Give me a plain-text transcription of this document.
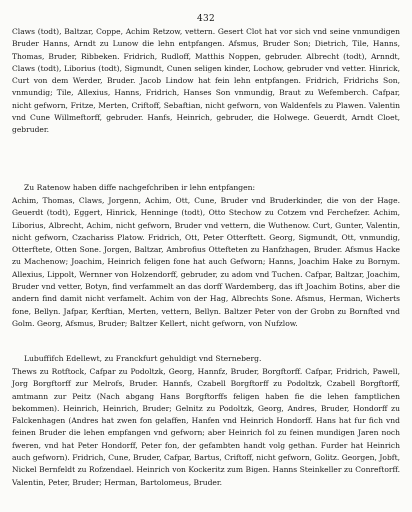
432
Claws (todt), Baltzar, Coppe, Achim Retzow, vettern. Gesert Clot hat vor sich vnd seine vnmundigen Bruder Hanns, Arndt zu Lunow die lehn entpfangen. Afsmus, Bruder Son; Dietrich, Tile, Hanns, Thomas, Bruder, Ribbeken. Fridrich, Rudloff, Matthis Noppen, gebruder. Albrecht (todt), Arnndt, Claws (todt), Liborius (todt), Sigmundt, Cunen seligen kinder, Lochow, gebruder vnd vetter. Hinrick, Curt von dem Werder, Bruder. Jacob Lindow hat fein lehn entpfangen. Fridrich, Fridrichs Son, vnmundig; Tile, Allexius, Hanns, Fridrich, Hanses Son vnmundig, Braut zu Wefemberch. Cafpar, nicht gefworn, Fritze, Merten, Criftoff, Sebaftian, nicht gefworn, von Waldenfels zu Plawen. Valentin vnd Cune Willmeftorff, gebruder. Hanfs, Heinrich, gebruder, die Holwege. Geuerdt, Arndt Cloet, gebruder.
Zu Ratenow haben diffe nachgefchriben ir lehn entpfangen:
Achim, Thomas, Claws, Jorgenn, Achim, Ott, Cune, Bruder vnd Bruderkinder, die von der Hage. Geuerdt (todt), Eggert, Hinrick, Henninge (todt), Otto Stechow zu Cotzem vnd Ferchefzer. Achim, Liborius, Albrecht, Achim, nicht gefworn, Bruder vnd vettern, die Wuthenow. Curt, Gunter, Valentin, nicht gefworn, Czachariss Platow. Fridrich, Ott, Peter Otterftett. Georg, Sigmundt, Ott, vnmundig, Otterftete, Otten Sone. Jorgen, Baltzar, Ambrofius Ottefteten zu Hanfzhagen, Bruder. Afsmus Hacke zu Machenow; Joachim, Heinrich feligen fone hat auch Gefworn; Hanns, Joachim Hake zu Bornym. Allexius, Lippolt, Wernner von Holzendorff, gebruder, zu adom vnd Tuchen. Cafpar, Baltzar, Joachim, Bruder vnd vetter, Botyn, find verfammelt an das dorff Wardemberg, das ift Joachim Botins, aber die andern find damit nicht verfamelt. Achim von der Hag, Albrechts Sone. Afsmus, Herman, Wicherts fone, Bellyn. Jafpar, Kerftian, Merten, vettern, Bellyn. Baltzer Peter von der Grobn zu Bornfted vnd Golm. Georg, Afsmus, Bruder; Baltzer Kellert, nicht gefworn, von Nufzlow.
Lubuffifch Edellewt, zu Franckfurt gehuldigt vnd Sterneberg.
Thews zu Rotftock, Cafpar zu Podoltzk, Georg, Hannfz, Bruder, Borgftorff. Cafpar, Fridrich, Pawell, Jorg Borgftorff zur Melrofs, Bruder. Hannfs, Czabell Borgftorff zu Podoltzk, Czabell Borgftorff, amtmann zur Peitz (Nach abgang Hans Borgftorffs feligen haben fie die lehen famptlichen bekommen). Heinrich, Heinrich, Bruder; Gelnitz zu Podoltzk, Georg, Andres, Bruder, Hondorff zu Falckenhagen (Andres hat zwen fon gelaffen, Hanfen vnd Heinrich Hondorff. Hans hat fur fich vnd feinen Bruder die lehen empfangen vnd gefworn; aber Heinrich fol zu feinen mundigen Jaren noch fweren, vnd hat Peter Hondorff, Peter fon, der gefambten handt volg gethan. Furder hat Heinrich auch gefworn). Fridrich, Cune, Bruder, Cafpar, Bartus, Criftoff, nicht gefworn, Golitz. Georgen, Jobft, Nickel Bernfeldt zu Rofzendael. Heinrich von Kockeritz zum Bigen. Hanns Steinkeller zu Conreftorff. Valentin, Peter, Bruder; Herman, Bartolomeus, Bruder.
